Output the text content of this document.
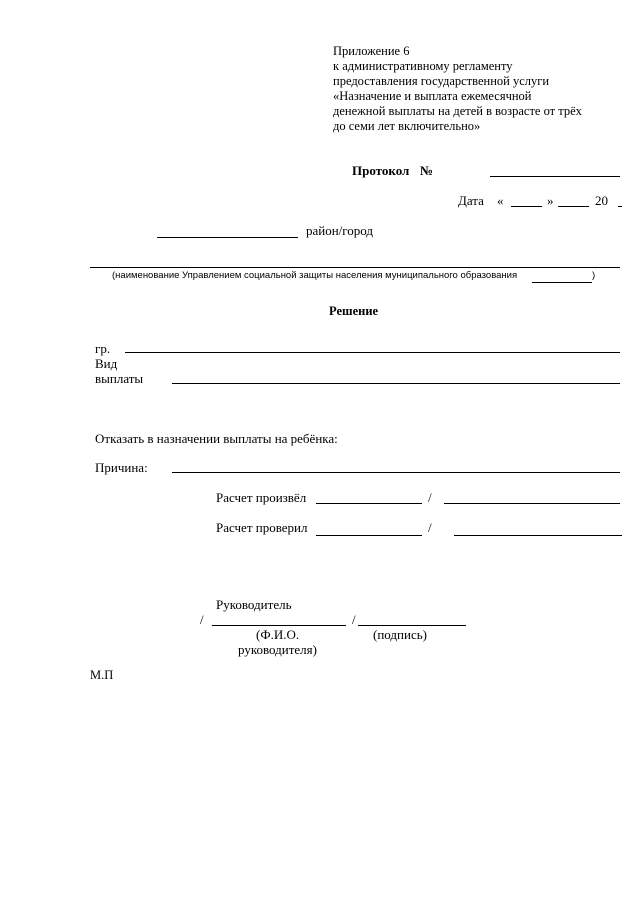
Приложение 6
к административному регламенту
предоставления государственной услуги
«Назначение и выплата ежемесячной
денежной выплаты на детей в возрасте от трёх
до семи лет включительно»
Протокол №
Дата «	»	20
район/город
(наименование Управлением социальной защиты населения муниципального образования	)
Решение
гр.
Вид
выплаты
Отказать в назначении выплаты на ребёнка:
Причина:
Расчет произвёл	/
Расчет проверил	/
Руководитель
/	/
(Ф.И.О.
руководителя)
(подпись)
М.П
